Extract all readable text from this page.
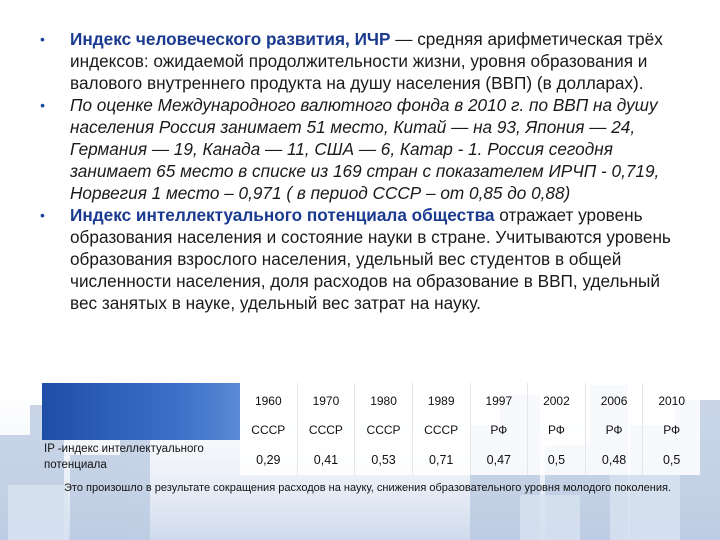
• Индекс человеческого развития, ИЧР — средняя арифметическая трёх индексов: ожидаемой продолжительности жизни, уровня образования и валового внутреннего продукта на душу населения (ВВП) (в долларах).
• По оценке Международного валютного фонда в 2010 г. по ВВП на душу населения Россия занимает 51 место, Китай — на 93, Япония — 24, Германия — 19, Канада — 11, США — 6, Катар - 1. Россия сегодня занимает 65 место в списке из 169 стран с показателем ИРЧП - 0,719, Норвегия 1 место – 0,971 ( в период СССР – от 0,85 до 0,88)
• Индекс интеллектуального потенциала общества отражает уровень образования населения и состояние науки в стране. Учитываются уровень образования взрослого населения, удельный вес студентов в общей численности населения, доля расходов на образование в ВВП, удельный вес занятых в науке, удельный вес затрат на науку.
IP -индекс интеллектуального потенциала
1960
СССР
0,29
1970
СССР
0,41
1980
СССР
0,53
1989
СССР
0,71
1997
РФ
0,47
2002
РФ
0,5
2006
РФ
0,48
2010
РФ
0,5
Это произошло в результате сокращения расходов на науку, снижения образовательного уровня молодого поколения.
